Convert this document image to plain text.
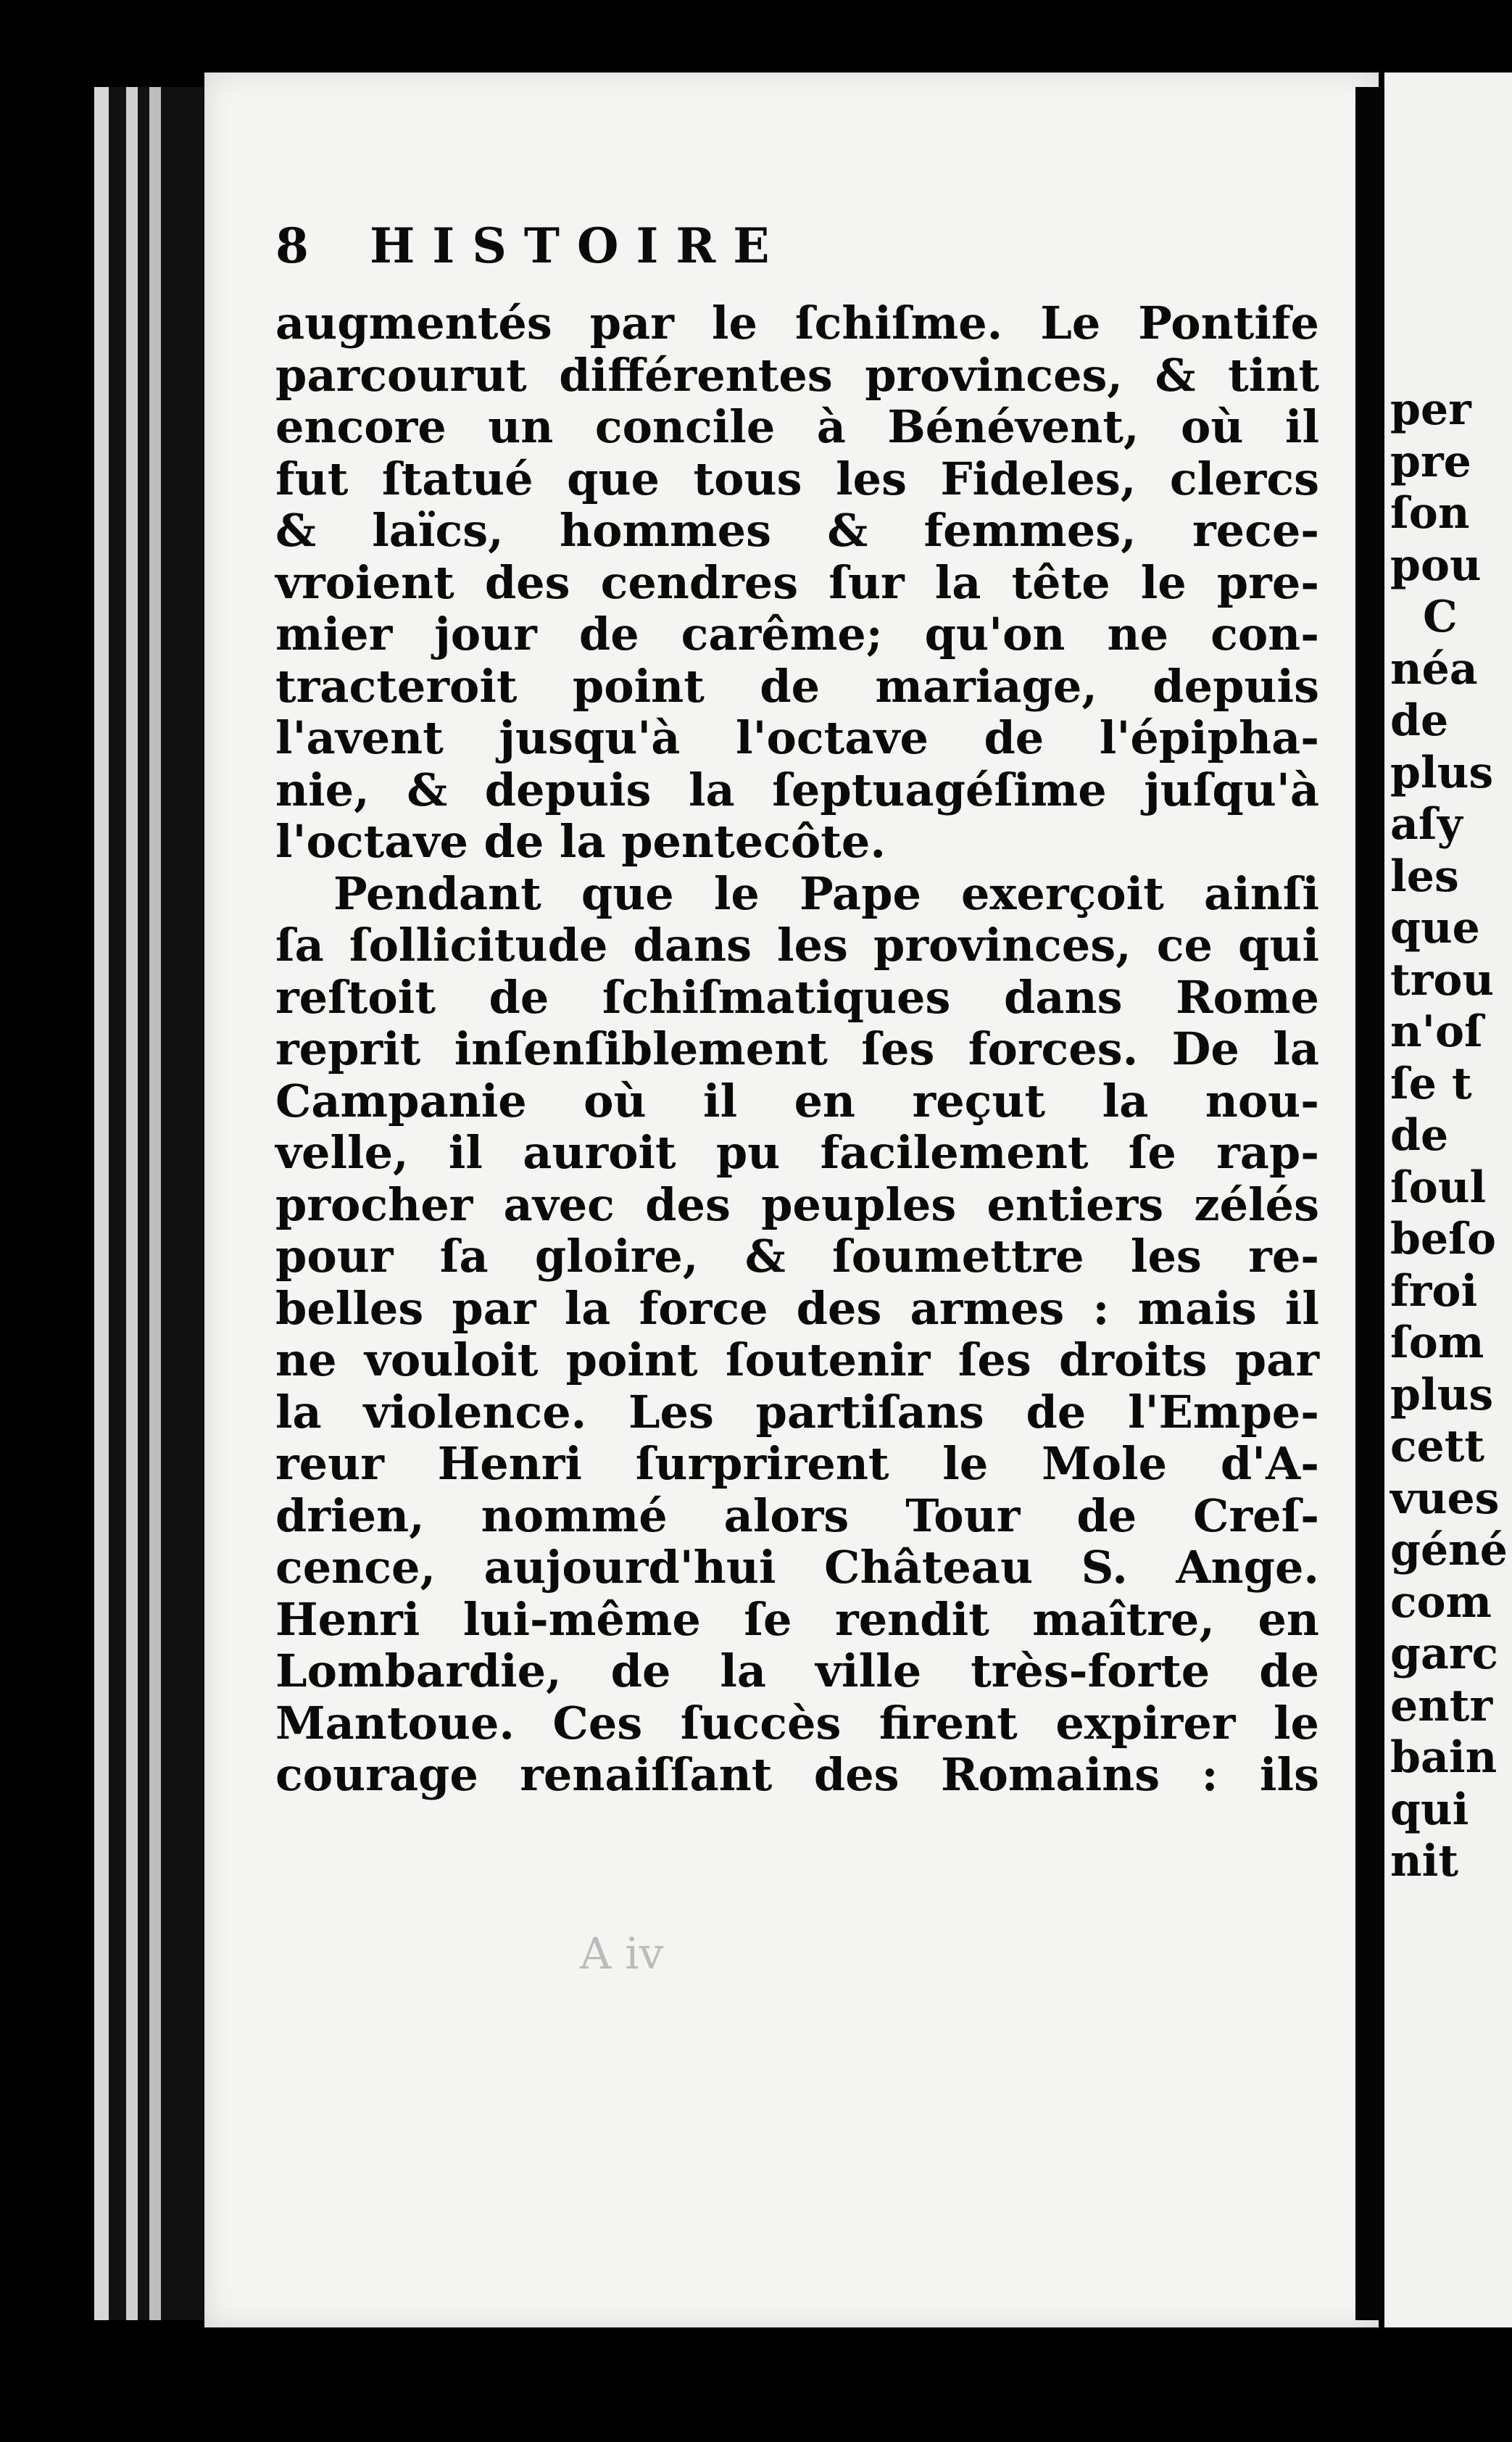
8	HISTOIRE
augmentés par le ſchiſme. Le Pontife
parcourut différentes provinces, & tint
encore un concile à Bénévent, où il
fut ſtatué que tous les Fideles, clercs
& laïcs, hommes & femmes, rece-
vroient des cendres ſur la tête le pre-
mier jour de carême; qu'on ne con-
tracteroit point de mariage, depuis
l'avent jusqu'à l'octave de l'épipha-
nie, & depuis la ſeptuagéſime juſqu'à
l'octave de la pentecôte.
Pendant que le Pape exerçoit ainſi
ſa ſollicitude dans les provinces, ce qui
reſtoit de ſchiſmatiques dans Rome
reprit inſenſiblement ſes forces. De la
Campanie où il en reçut la nou-
velle, il auroit pu facilement ſe rap-
procher avec des peuples entiers zélés
pour ſa gloire, & ſoumettre les re-
belles par la force des armes : mais il
ne vouloit point ſoutenir ſes droits par
la violence. Les partiſans de l'Empe-
reur Henri ſurprirent le Mole d'A-
drien, nommé alors Tour de Creſ-
cence, aujourd'hui Château S. Ange.
Henri lui-même ſe rendit maître, en
Lombardie, de la ville très-forte de
Mantoue. Ces ſuccès firent expirer le
courage renaiſſant des Romains : ils
A iv
per
pre
ſon
pou
C
néa
de
plus
aſy
les
que
trou
n'oſ
ſe t
de
ſoul
beſo
froi
ſom
plus
cett
vues
géné
com
garc
entr
bain
qui
nit
